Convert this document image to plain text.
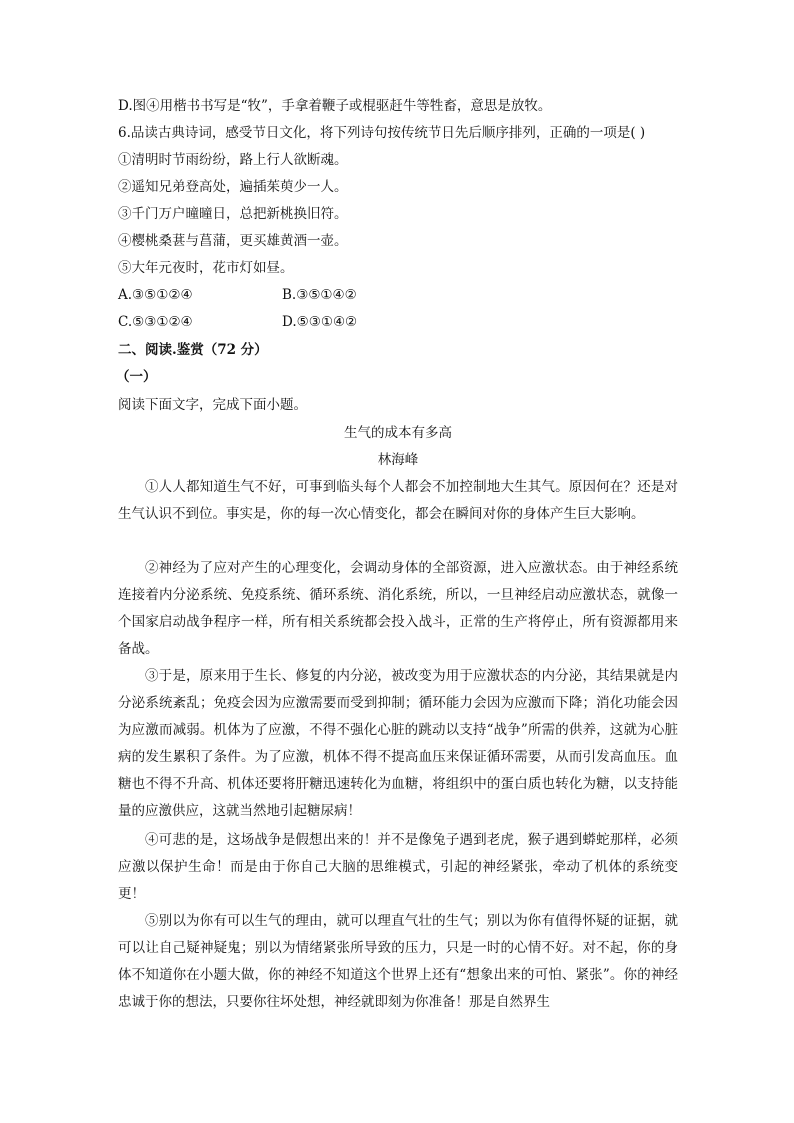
D.图④用楷书书写是“牧”，手拿着鞭子或棍驱赶牛等牲畜，意思是放牧。
6.品读古典诗词，感受节日文化，将下列诗句按传统节日先后顺序排列，正确的一项是( )
①清明时节雨纷纷，路上行人欲断魂。
②遥知兄弟登高处，遍插茱萸少一人。
③千门万户曈曈日，总把新桃换旧符。
④樱桃桑葚与菖蒲，更买雄黄酒一壶。
⑤大年元夜时，花市灯如昼。
A.③⑤①②④	B.③⑤①④②
C.⑤③①②④	D.⑤③①④②
二、阅读.鉴赏（72 分）
（一）
阅读下面文字，完成下面小题。
生气的成本有多高
林海峰
①人人都知道生气不好，可事到临头每个人都会不加控制地大生其气。原因何在？还是对生气认识不到位。事实是，你的每一次心情变化，都会在瞬间对你的身体产生巨大影响。
②神经为了应对产生的心理变化，会调动身体的全部资源，进入应激状态。由于神经系统连接着内分泌系统、免疫系统、循环系统、消化系统，所以，一旦神经启动应激状态，就像一个国家启动战争程序一样，所有相关系统都会投入战斗，正常的生产将停止，所有资源都用来备战。
③于是，原来用于生长、修复的内分泌，被改变为用于应激状态的内分泌，其结果就是内分泌系统紊乱；免疫会因为应激需要而受到抑制；循环能力会因为应激而下降；消化功能会因为应激而减弱。机体为了应激，不得不强化心脏的跳动以支持“战争”所需的供养，这就为心脏病的发生累积了条件。为了应激，机体不得不提高血压来保证循环需要，从而引发高血压。血糖也不得不升高、机体还要将肝糖迅速转化为血糖，将组织中的蛋白质也转化为糖，以支持能量的应激供应，这就当然地引起糖尿病！
④可悲的是，这场战争是假想出来的！并不是像兔子遇到老虎，猴子遇到蟒蛇那样，必须应激以保护生命！而是由于你自己大脑的思维模式，引起的神经紧张，牵动了机体的系统变更！
⑤别以为你有可以生气的理由，就可以理直气壮的生气；别以为你有值得怀疑的证据，就可以让自己疑神疑鬼；别以为情绪紧张所导致的压力，只是一时的心情不好。对不起，你的身体不知道你在小题大做，你的神经不知道这个世界上还有“想象出来的可怕、紧张”。你的神经忠诚于你的想法，只要你往坏处想，神经就即刻为你准备！那是自然界生
